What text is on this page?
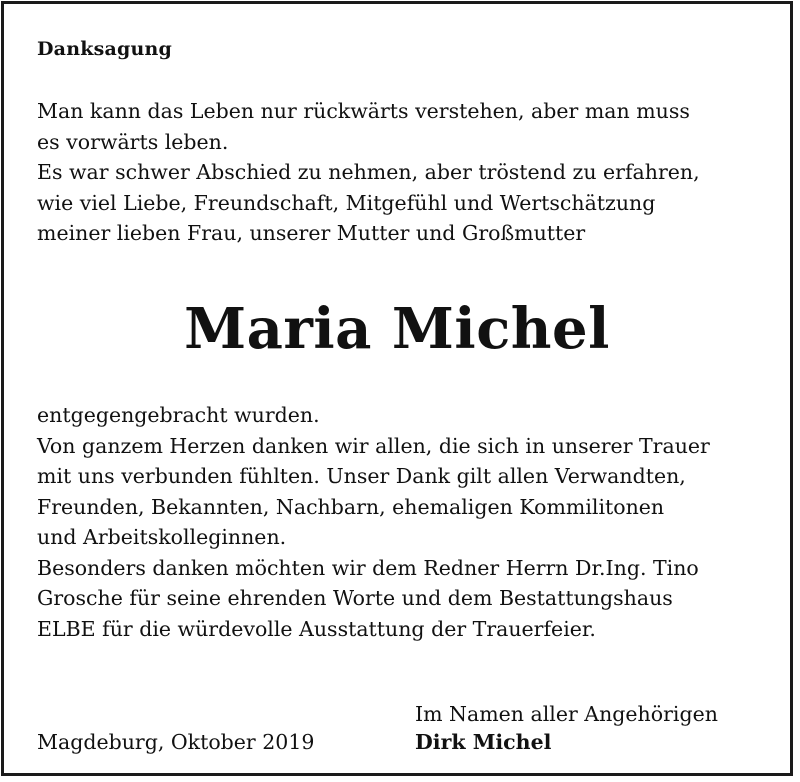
Danksagung
Man kann das Leben nur rückwärts verstehen, aber man muss
es vorwärts leben.
Es war schwer Abschied zu nehmen, aber tröstend zu erfahren,
wie viel Liebe, Freundschaft, Mitgefühl und Wertschätzung
meiner lieben Frau, unserer Mutter und Großmutter
Maria Michel
entgegengebracht wurden.
Von ganzem Herzen danken wir allen, die sich in unserer Trauer
mit uns verbunden fühlten. Unser Dank gilt allen Verwandten,
Freunden, Bekannten, Nachbarn, ehemaligen Kommilitonen
und Arbeitskolleginnen.
Besonders danken möchten wir dem Redner Herrn Dr.Ing. Tino
Grosche für seine ehrenden Worte und dem Bestattungshaus
ELBE für die würdevolle Ausstattung der Trauerfeier.
Magdeburg, Oktober 2019
Im Namen aller Angehörigen
Dirk Michel
